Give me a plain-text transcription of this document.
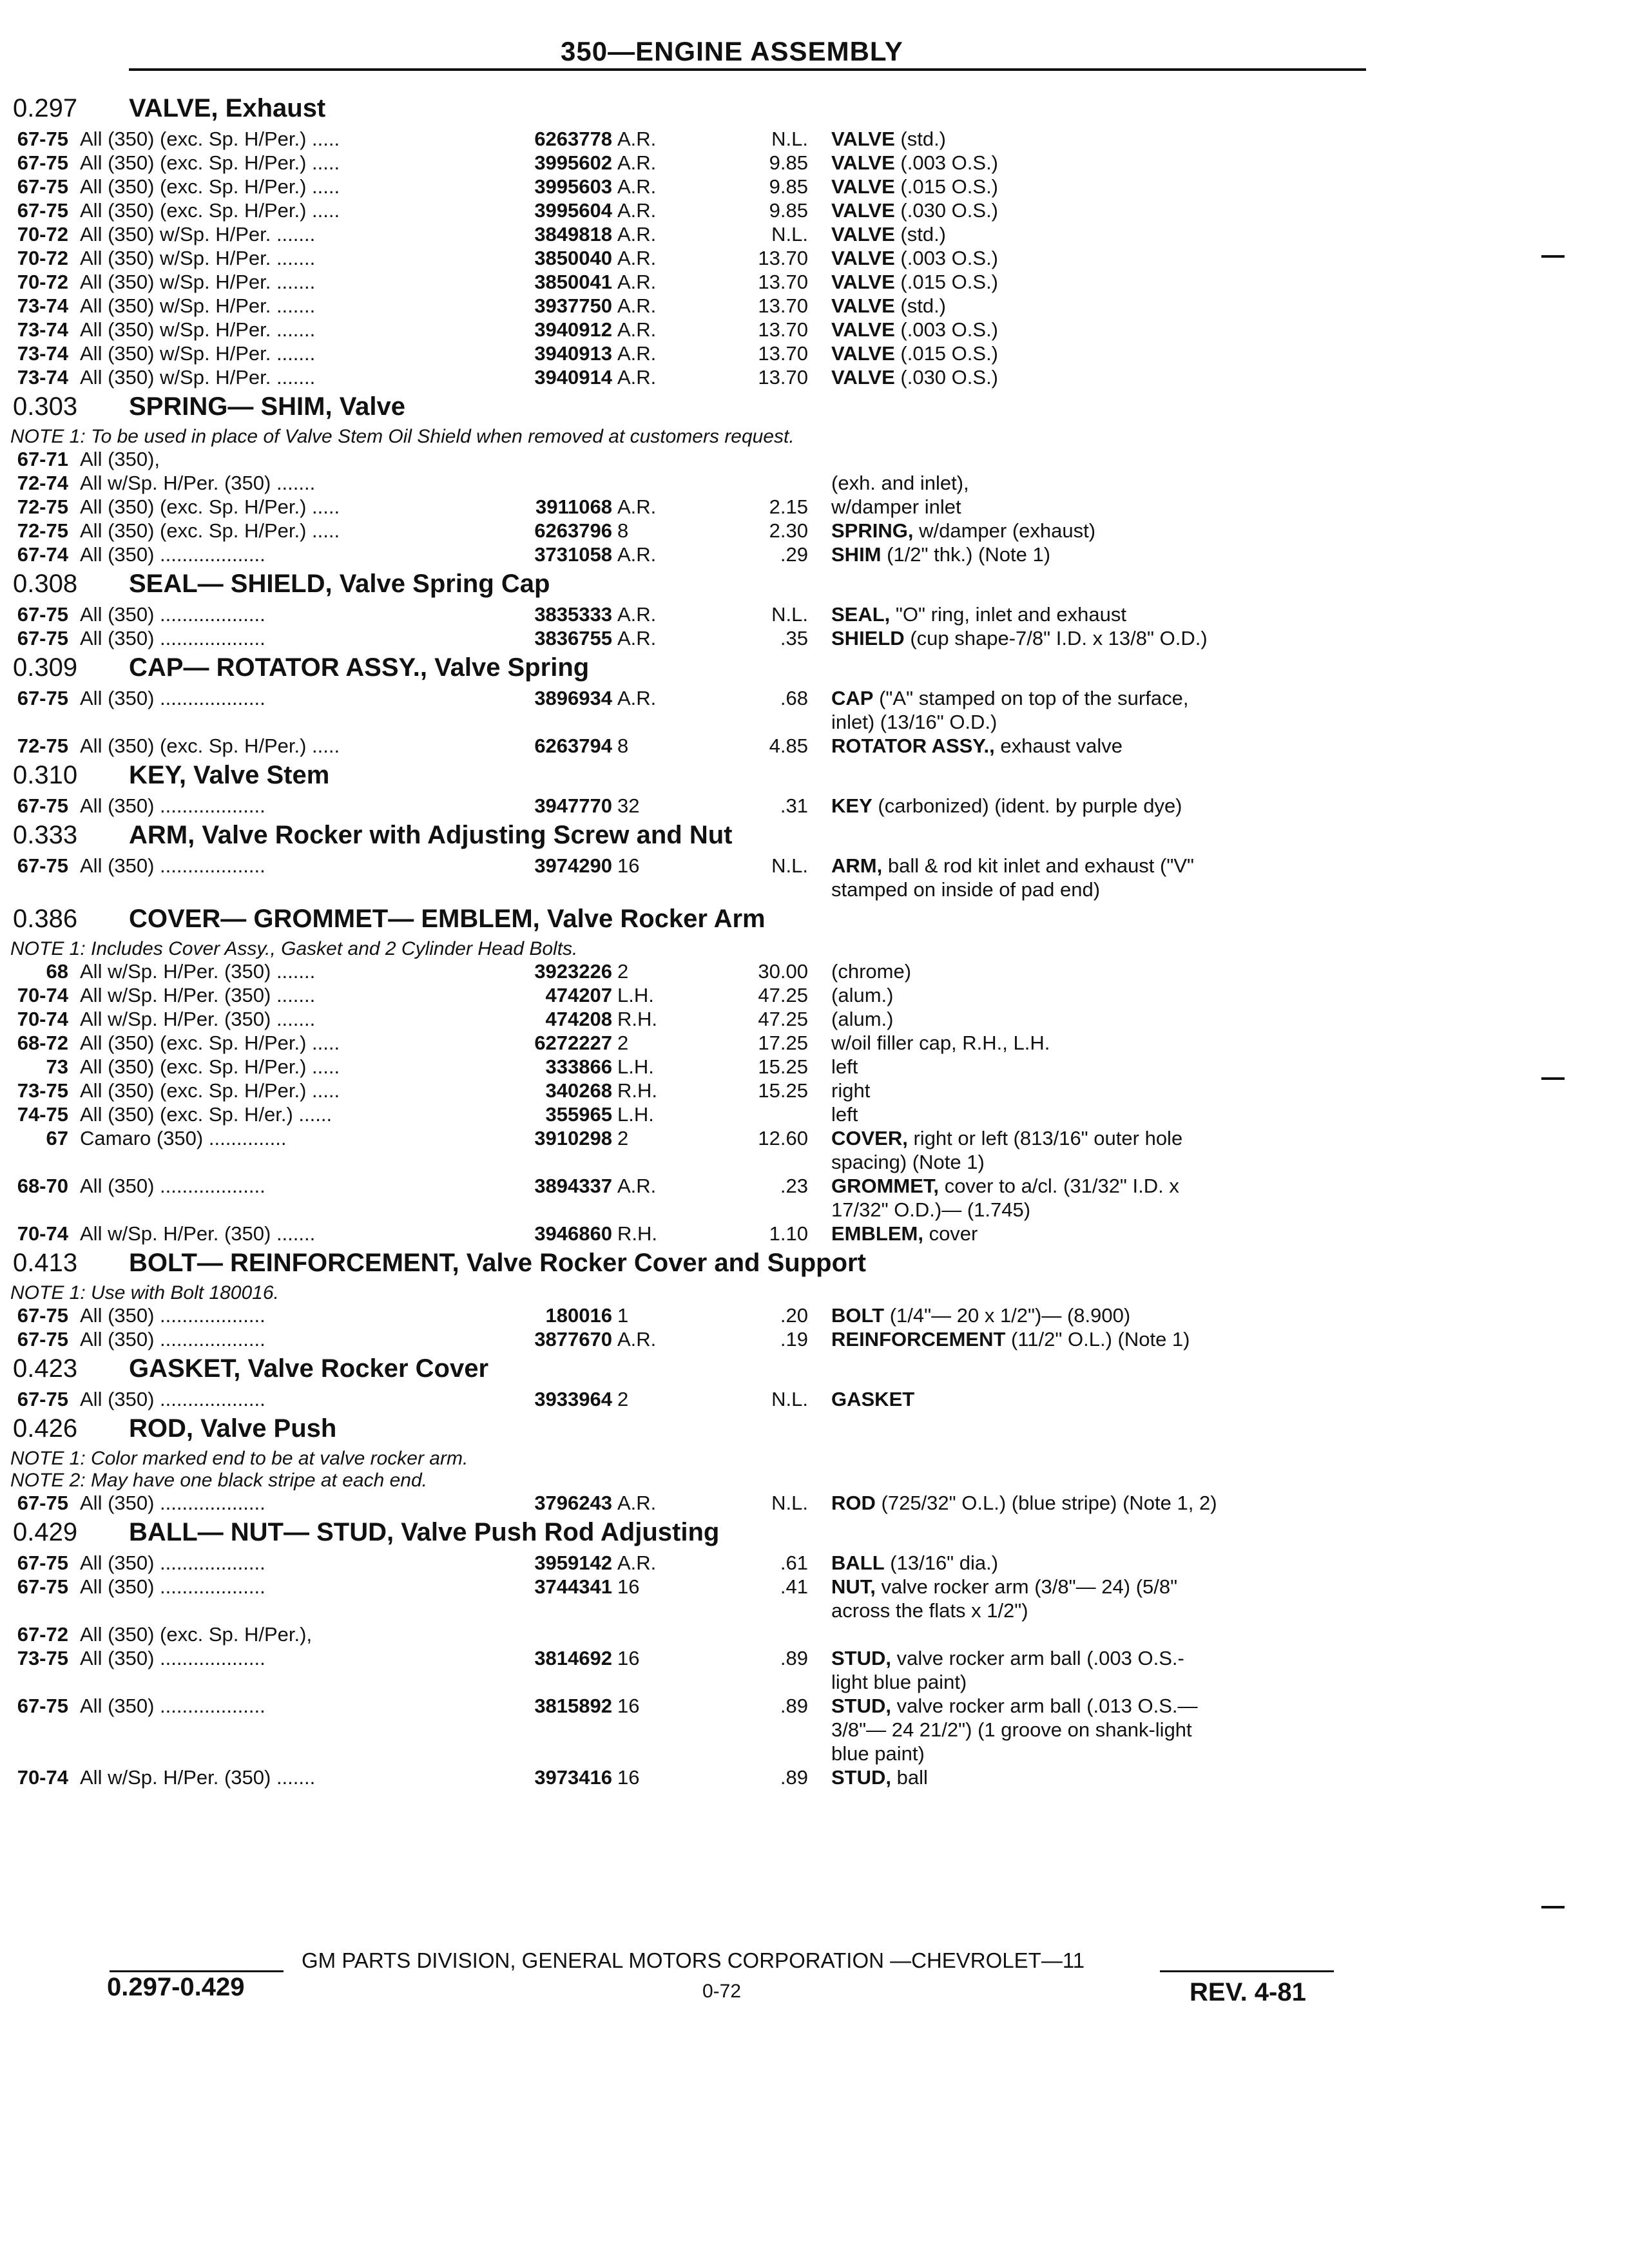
350—ENGINE ASSEMBLY
0.297 VALVE, Exhaust
67-75 All (350) (exc. Sp. H/Per.) .....	6263778 A.R.	N.L. VALVE (std.)
67-75 All (350) (exc. Sp. H/Per.) .....	3995602 A.R.	9.85 VALVE (.003 O.S.)
67-75 All (350) (exc. Sp. H/Per.) .....	3995603 A.R.	9.85 VALVE (.015 O.S.)
67-75 All (350) (exc. Sp. H/Per.) .....	3995604 A.R.	9.85 VALVE (.030 O.S.)
70-72 All (350) w/Sp. H/Per. .......	3849818 A.R.	N.L. VALVE (std.)
70-72 All (350) w/Sp. H/Per. .......	3850040 A.R.	13.70 VALVE (.003 O.S.)
70-72 All (350) w/Sp. H/Per. .......	3850041 A.R.	13.70 VALVE (.015 O.S.)
73-74 All (350) w/Sp. H/Per. .......	3937750 A.R.	13.70 VALVE (std.)
73-74 All (350) w/Sp. H/Per. .......	3940912 A.R.	13.70 VALVE (.003 O.S.)
73-74 All (350) w/Sp. H/Per. .......	3940913 A.R.	13.70 VALVE (.015 O.S.)
73-74 All (350) w/Sp. H/Per. .......	3940914 A.R.	13.70 VALVE (.030 O.S.)
0.303 SPRING— SHIM, Valve
NOTE 1: To be used in place of Valve Stem Oil Shield when removed at customers request.
67-71 All (350),
72-74 All w/Sp. H/Per. (350) .......	(exh. and inlet),
72-75 All (350) (exc. Sp. H/Per.) .....	3911068 A.R.	2.15 w/damper inlet
72-75 All (350) (exc. Sp. H/Per.) .....	6263796 8	2.30 SPRING, w/damper (exhaust)
67-74 All (350) ...................	3731058 A.R.	.29 SHIM (1/2" thk.) (Note 1)
0.308 SEAL— SHIELD, Valve Spring Cap
67-75 All (350) ...................	3835333 A.R.	N.L. SEAL, "O" ring, inlet and exhaust
67-75 All (350) ...................	3836755 A.R.	.35 SHIELD (cup shape-7/8" I.D. x 13/8" O.D.)
0.309 CAP— ROTATOR ASSY., Valve Spring
67-75 All (350) ...................	3896934 A.R.	.68 CAP ("A" stamped on top of the surface,
inlet) (13/16" O.D.)
72-75 All (350) (exc. Sp. H/Per.) .....	6263794 8	4.85 ROTATOR ASSY., exhaust valve
0.310 KEY, Valve Stem
67-75 All (350) ...................	3947770 32	.31 KEY (carbonized) (ident. by purple dye)
0.333 ARM, Valve Rocker with Adjusting Screw and Nut
67-75 All (350) ...................	3974290 16	N.L. ARM, ball & rod kit inlet and exhaust ("V"
stamped on inside of pad end)
0.386 COVER— GROMMET— EMBLEM, Valve Rocker Arm
NOTE 1: Includes Cover Assy., Gasket and 2 Cylinder Head Bolts.
68 All w/Sp. H/Per. (350) .......	3923226 2	30.00 (chrome)
70-74 All w/Sp. H/Per. (350) .......	474207 L.H.	47.25 (alum.)
70-74 All w/Sp. H/Per. (350) .......	474208 R.H.	47.25 (alum.)
68-72 All (350) (exc. Sp. H/Per.) .....	6272227 2	17.25 w/oil filler cap, R.H., L.H.
73 All (350) (exc. Sp. H/Per.) .....	333866 L.H.	15.25 left
73-75 All (350) (exc. Sp. H/Per.) .....	340268 R.H.	15.25 right
74-75 All (350) (exc. Sp. H/er.) ......	355965 L.H.	left
67 Camaro (350) ..............	3910298 2	12.60 COVER, right or left (813/16" outer hole
spacing) (Note 1)
68-70 All (350) ...................	3894337 A.R.	.23 GROMMET, cover to a/cl. (31/32" I.D. x
17/32" O.D.)— (1.745)
70-74 All w/Sp. H/Per. (350) .......	3946860 R.H.	1.10 EMBLEM, cover
0.413 BOLT— REINFORCEMENT, Valve Rocker Cover and Support
NOTE 1: Use with Bolt 180016.
67-75 All (350) ...................	180016 1	.20 BOLT (1/4"— 20 x 1/2")— (8.900)
67-75 All (350) ...................	3877670 A.R.	.19 REINFORCEMENT (11/2" O.L.) (Note 1)
0.423 GASKET, Valve Rocker Cover
67-75 All (350) ...................	3933964 2	N.L. GASKET
0.426 ROD, Valve Push
NOTE 1: Color marked end to be at valve rocker arm.
NOTE 2: May have one black stripe at each end.
67-75 All (350) ...................	3796243 A.R.	N.L. ROD (725/32" O.L.) (blue stripe) (Note 1, 2)
0.429 BALL— NUT— STUD, Valve Push Rod Adjusting
67-75 All (350) ...................	3959142 A.R.	.61 BALL (13/16" dia.)
67-75 All (350) ...................	3744341 16	.41 NUT, valve rocker arm (3/8"— 24) (5/8"
across the flats x 1/2")
67-72 All (350) (exc. Sp. H/Per.),
73-75 All (350) ...................	3814692 16	.89 STUD, valve rocker arm ball (.003 O.S.-
light blue paint)
67-75 All (350) ...................	3815892 16	.89 STUD, valve rocker arm ball (.013 O.S.—
3/8"— 24 21/2") (1 groove on shank-light
blue paint)
70-74 All w/Sp. H/Per. (350) .......	3973416 16	.89 STUD, ball
GM PARTS DIVISION, GENERAL MOTORS CORPORATION —CHEVROLET—11
0.297-0.429	0-72	REV. 4-81
